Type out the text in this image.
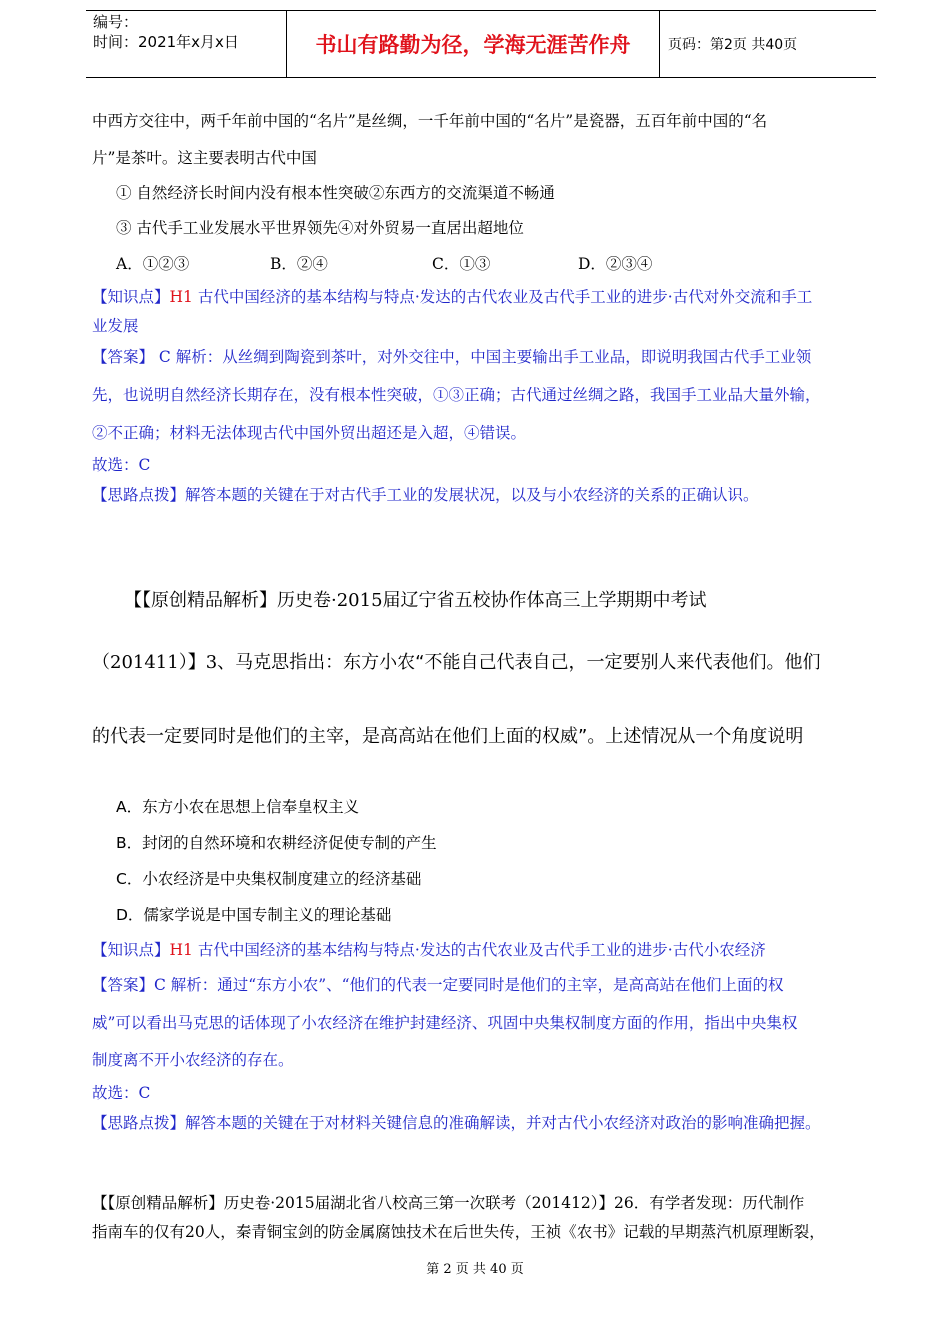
编号：
时间：2021年x月x日	书山有路勤为径，学海无涯苦作舟	页码：第2页 共40页
中西方交往中，两千年前中国的“名片”是丝绸，一千年前中国的“名片”是瓷器，五百年前中国的“名
片”是茶叶。这主要表明古代中国
① 自然经济长时间内没有根本性突破②东西方的交流渠道不畅通
③ 古代手工业发展水平世界领先④对外贸易一直居出超地位
A．①②③	B．②④	C．①③	D．②③④
【知识点】H1 古代中国经济的基本结构与特点·发达的古代农业及古代手工业的进步·古代对外交流和手工
业发展
【答案】 C 解析：从丝绸到陶瓷到茶叶，对外交往中，中国主要输出手工业品，即说明我国古代手工业领
先，也说明自然经济长期存在，没有根本性突破，①③正确；古代通过丝绸之路，我国手工业品大量外输，
②不正确；材料无法体现古代中国外贸出超还是入超，④错误。
故选：C
【思路点拨】解答本题的关键在于对古代手工业的发展状况，以及与小农经济的关系的正确认识。
【【原创精品解析】历史卷·2015届辽宁省五校协作体高三上学期期中考试
（201411）】3、马克思指出：东方小农“不能自己代表自己，一定要别人来代表他们。他们
的代表一定要同时是他们的主宰，是高高站在他们上面的权威”。上述情况从一个角度说明
A．东方小农在思想上信奉皇权主义
B．封闭的自然环境和农耕经济促使专制的产生
C．小农经济是中央集权制度建立的经济基础
D．儒家学说是中国专制主义的理论基础
【知识点】H1 古代中国经济的基本结构与特点·发达的古代农业及古代手工业的进步·古代小农经济
【答案】C 解析：通过“东方小农”、“他们的代表一定要同时是他们的主宰，是高高站在他们上面的权
威”可以看出马克思的话体现了小农经济在维护封建经济、巩固中央集权制度方面的作用，指出中央集权
制度离不开小农经济的存在。
故选：C
【思路点拨】解答本题的关键在于对材料关键信息的准确解读，并对古代小农经济对政治的影响准确把握。
【【原创精品解析】历史卷·2015届湖北省八校高三第一次联考（201412）】26．有学者发现：历代制作
指南车的仅有20人，秦青铜宝剑的防金属腐蚀技术在后世失传，王祯《农书》记载的早期蒸汽机原理断裂，
第 2 页 共 40 页
